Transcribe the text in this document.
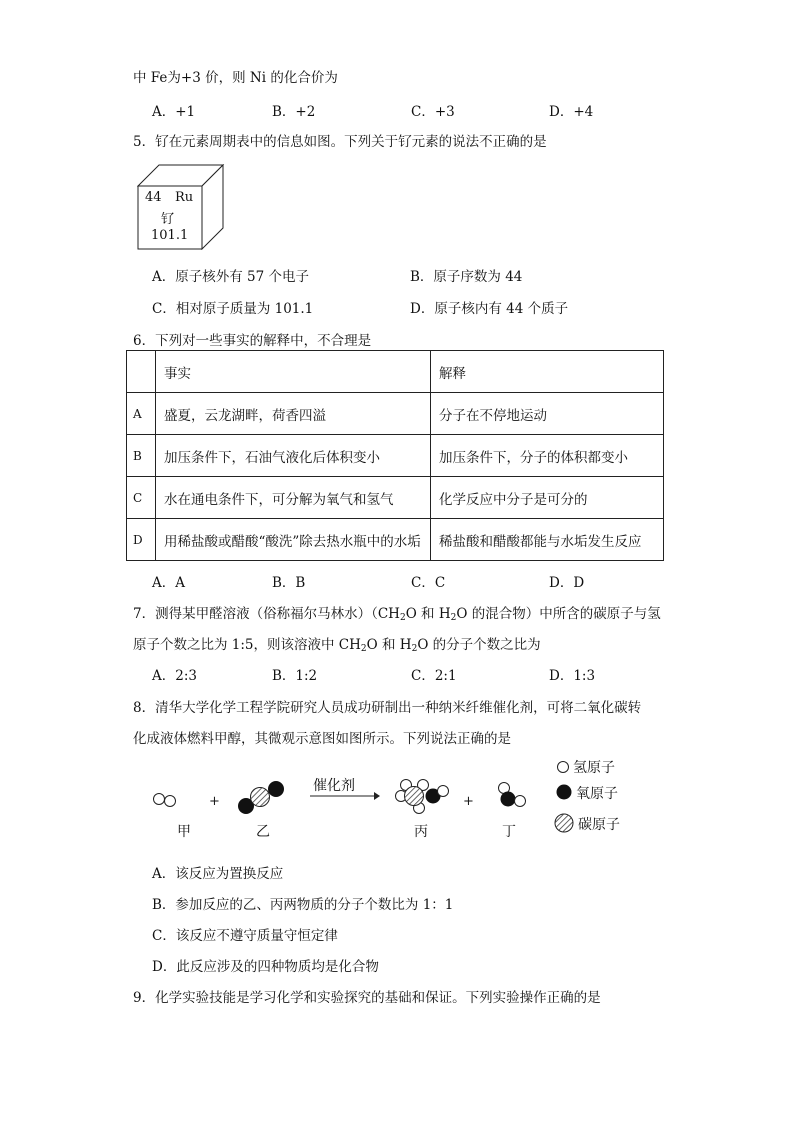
中 Fe为+3 价，则 Ni 的化合价为
A．+1	B．+2	C．+3	D．+4
5．钌在元素周期表中的信息如图。下列关于钌元素的说法不正确的是
44 Ru
钌
101.1
A．原子核外有 57 个电子	B．原子序数为 44
C．相对原子质量为 101.1	D．原子核内有 44 个质子
6．下列对一些事实的解释中，不合理是
	事实	解释
A	盛夏，云龙湖畔，荷香四溢	分子在不停地运动
B	加压条件下，石油气液化后体积变小	加压条件下，分子的体积都变小
C	水在通电条件下，可分解为氧气和氢气	化学反应中分子是可分的
D	用稀盐酸或醋酸“酸洗”除去热水瓶中的水垢	稀盐酸和醋酸都能与水垢发生反应
A．A	B．B	C．C	D．D
7．测得某甲醛溶液（俗称福尔马林水）（$CH_2O$ 和 $H_2O$ 的混合物）中所含的碳原子与氢
原子个数之比为 1:5，则该溶液中 $CH_2O$ 和 $H_2O$ 的分子个数之比为
A．2:3	B．1:2	C．2:1	D．1:3
8．清华大学化学工程学院研究人员成功研制出一种纳米纤维催化剂，可将二氧化碳转
化成液体燃料甲醇，其微观示意图如图所示。下列说法正确的是
+
催化剂
+
甲	乙	丙	丁
氢原子
氧原子
碳原子
A．该反应为置换反应
B．参加反应的乙、丙两物质的分子个数比为 1：1
C．该反应不遵守质量守恒定律
D．此反应涉及的四种物质均是化合物
9．化学实验技能是学习化学和实验探究的基础和保证。下列实验操作正确的是
